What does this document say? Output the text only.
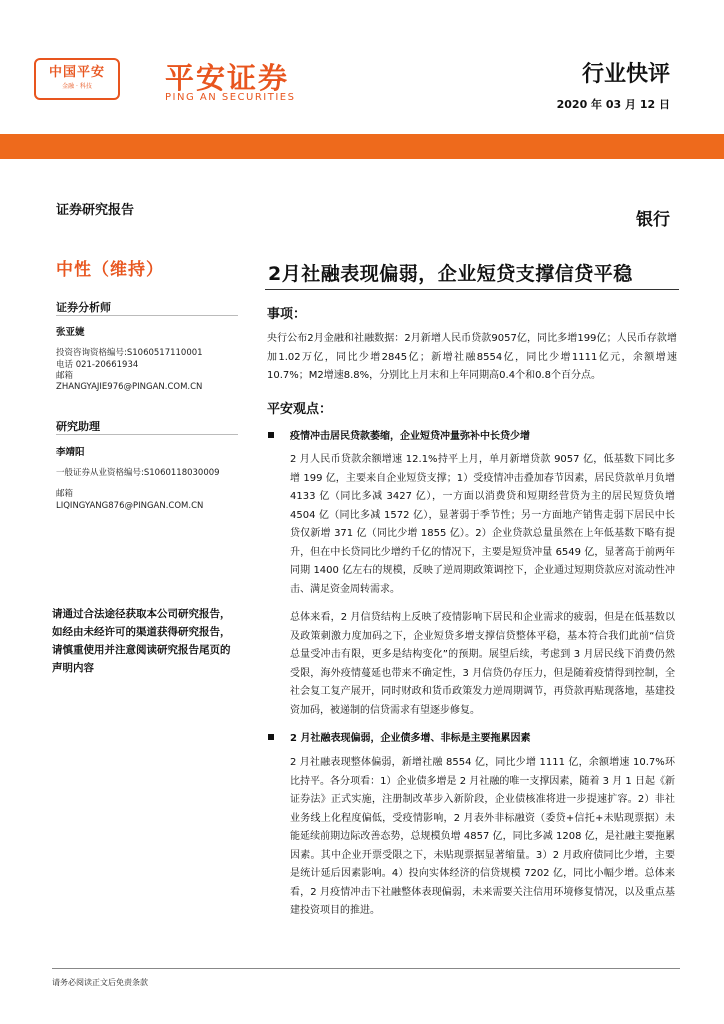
中国平安
金融 · 科技	平安证券
PING AN SECURITIES
行业快评
2020 年 03 月 12 日
证券研究报告
中性（维持）
证券分析师
张亚婕
投资咨询资格编号:S1060517110001
电话 021-20661934
邮箱
ZHANGYAJIE976@PINGAN.COM.CN
研究助理
李靖阳
一般证券从业资格编号:S1060118030009
邮箱
LIQINGYANG876@PINGAN.COM.CN
请通过合法途径获取本公司研究报告，如经由未经许可的渠道获得研究报告，请慎重使用并注意阅读研究报告尾页的声明内容
银行
2月社融表现偏弱，企业短贷支撑信贷平稳
事项：
央行公布2月金融和社融数据：2月新增人民币贷款9057亿，同比多增199亿；人民币存款增加1.02万亿，同比少增2845亿；新增社融8554亿，同比少增1111亿元，余额增速10.7%；M2增速8.8%，分别比上月末和上年同期高0.4个和0.8个百分点。
平安观点：
疫情冲击居民贷款萎缩，企业短贷冲量弥补中长贷少增
2 月人民币贷款余额增速 12.1%持平上月，单月新增贷款 9057 亿，低基数下同比多增 199 亿，主要来自企业短贷支撑；1）受疫情冲击叠加春节因素，居民贷款单月负增 4133 亿（同比多减 3427 亿），一方面以消费贷和短期经营贷为主的居民短贷负增 4504 亿（同比多减 1572 亿），显著弱于季节性；另一方面地产销售走弱下居民中长贷仅新增 371 亿（同比少增 1855 亿）。2）企业贷款总量虽然在上年低基数下略有提升，但在中长贷同比少增约千亿的情况下，主要是短贷冲量 6549 亿，显著高于前两年同期 1400 亿左右的规模，反映了逆周期政策调控下，企业通过短期贷款应对流动性冲击、满足资金周转需求。
总体来看，2 月信贷结构上反映了疫情影响下居民和企业需求的疲弱，但是在低基数以及政策刺激力度加码之下，企业短贷多增支撑信贷整体平稳，基本符合我们此前“信贷总量受冲击有限，更多是结构变化”的预期。展望后续，考虑到 3 月居民线下消费仍然受限，海外疫情蔓延也带来不确定性，3 月信贷仍存压力，但是随着疫情得到控制，全社会复工复产展开，同时财政和货币政策发力逆周期调节，再贷款再贴现落地，基建投资加码，被递制的信贷需求有望逐步修复。
2 月社融表现偏弱，企业债多增、非标是主要拖累因素
2 月社融表现整体偏弱，新增社融 8554 亿，同比少增 1111 亿，余额增速 10.7%环比持平。各分项看：1）企业债多增是 2 月社融的唯一支撑因素，随着 3 月 1 日起《新证券法》正式实施，注册制改革步入新阶段，企业债核准将进一步提速扩容。2）非社业务线上化程度偏低，受疫情影响，2 月表外非标融资（委贷+信托+未贴现票据）未能延续前期边际改善态势，总规模负增 4857 亿，同比多减 1208 亿，是社融主要拖累因素。其中企业开票受限之下，未贴现票据显著缩量。3）2 月政府债同比少增，主要是统计延后因素影响。4）投向实体经济的信贷规模 7202 亿，同比小幅少增。总体来看，2 月疫情冲击下社融整体表现偏弱，未来需要关注信用环境修复情况，以及重点基建投资项目的推进。
请务必阅读正文后免责条款
